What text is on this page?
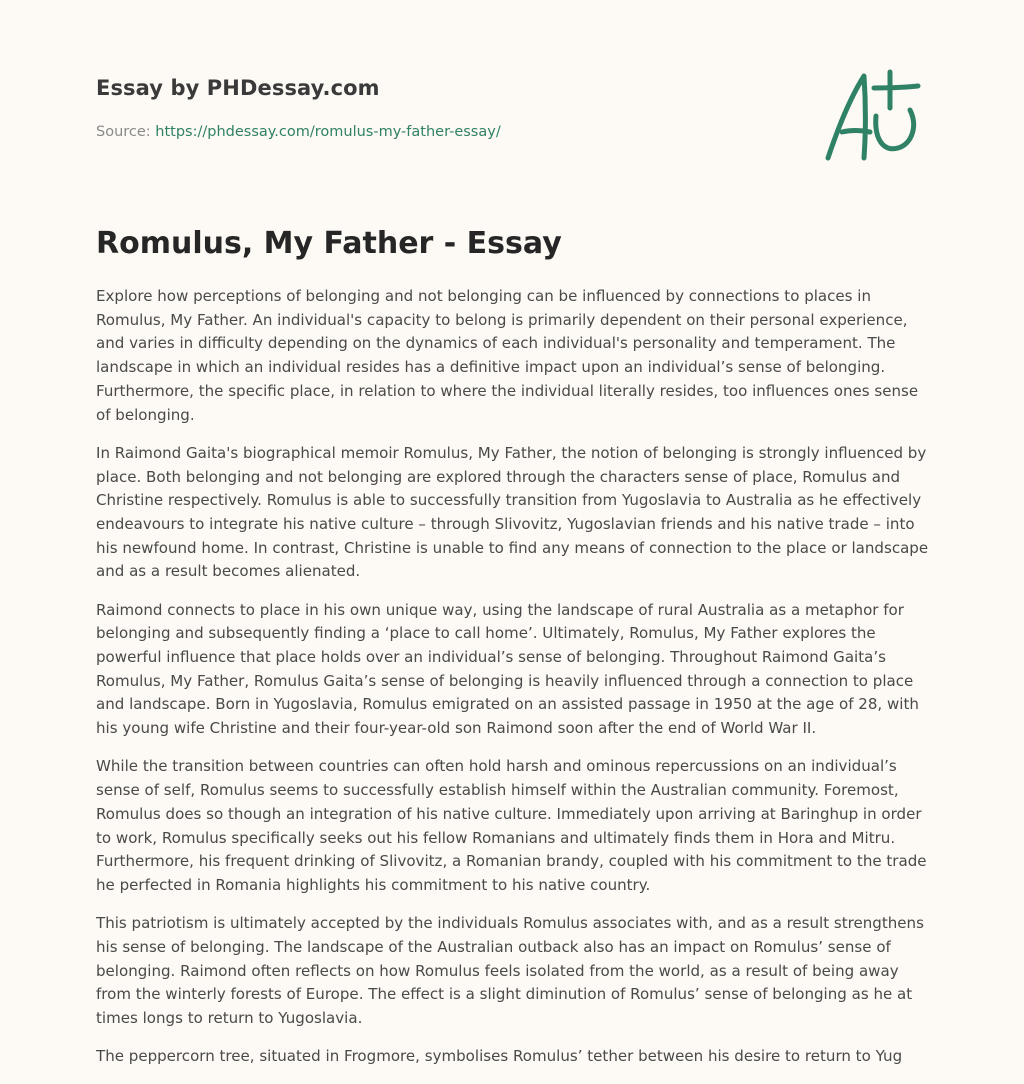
Essay by PHDessay.com
Source: https://phdessay.com/romulus-my-father-essay/
Romulus, My Father - Essay

Explore how perceptions of belonging and not belonging can be influenced by connections to places in Romulus, My Father. An individual's capacity to belong is primarily dependent on their personal experience, and varies in difficulty depending on the dynamics of each individual's personality and temperament. The landscape in which an individual resides has a definitive impact upon an individual’s sense of belonging. Furthermore, the specific place, in relation to where the individual literally resides, too influences ones sense of belonging.

In Raimond Gaita's biographical memoir Romulus, My Father, the notion of belonging is strongly influenced by place. Both belonging and not belonging are explored through the characters sense of place, Romulus and Christine respectively. Romulus is able to successfully transition from Yugoslavia to Australia as he effectively endeavours to integrate his native culture – through Slivovitz, Yugoslavian friends and his native trade – into his newfound home. In contrast, Christine is unable to find any means of connection to the place or landscape and as a result becomes alienated.

Raimond connects to place in his own unique way, using the landscape of rural Australia as a metaphor for belonging and subsequently finding a ‘place to call home’. Ultimately, Romulus, My Father explores the powerful influence that place holds over an individual’s sense of belonging. Throughout Raimond Gaita’s Romulus, My Father, Romulus Gaita’s sense of belonging is heavily influenced through a connection to place and landscape. Born in Yugoslavia, Romulus emigrated on an assisted passage in 1950 at the age of 28, with his young wife Christine and their four-year-old son Raimond soon after the end of World War II.

While the transition between countries can often hold harsh and ominous repercussions on an individual’s sense of self, Romulus seems to successfully establish himself within the Australian community. Foremost, Romulus does so though an integration of his native culture. Immediately upon arriving at Baringhup in order to work, Romulus specifically seeks out his fellow Romanians and ultimately finds them in Hora and Mitru. Furthermore, his frequent drinking of Slivovitz, a Romanian brandy, coupled with his commitment to the trade he perfected in Romania highlights his commitment to his native country.

This patriotism is ultimately accepted by the individuals Romulus associates with, and as a result strengthens his sense of belonging. The landscape of the Australian outback also has an impact on Romulus’ sense of belonging. Raimond often reflects on how Romulus feels isolated from the world, as a result of being away from the winterly forests of Europe. The effect is a slight diminution of Romulus’ sense of belonging as he at times longs to return to Yugoslavia.

The peppercorn tree, situated in Frogmore, symbolises Romulus’ tether between his desire to return to Yug
